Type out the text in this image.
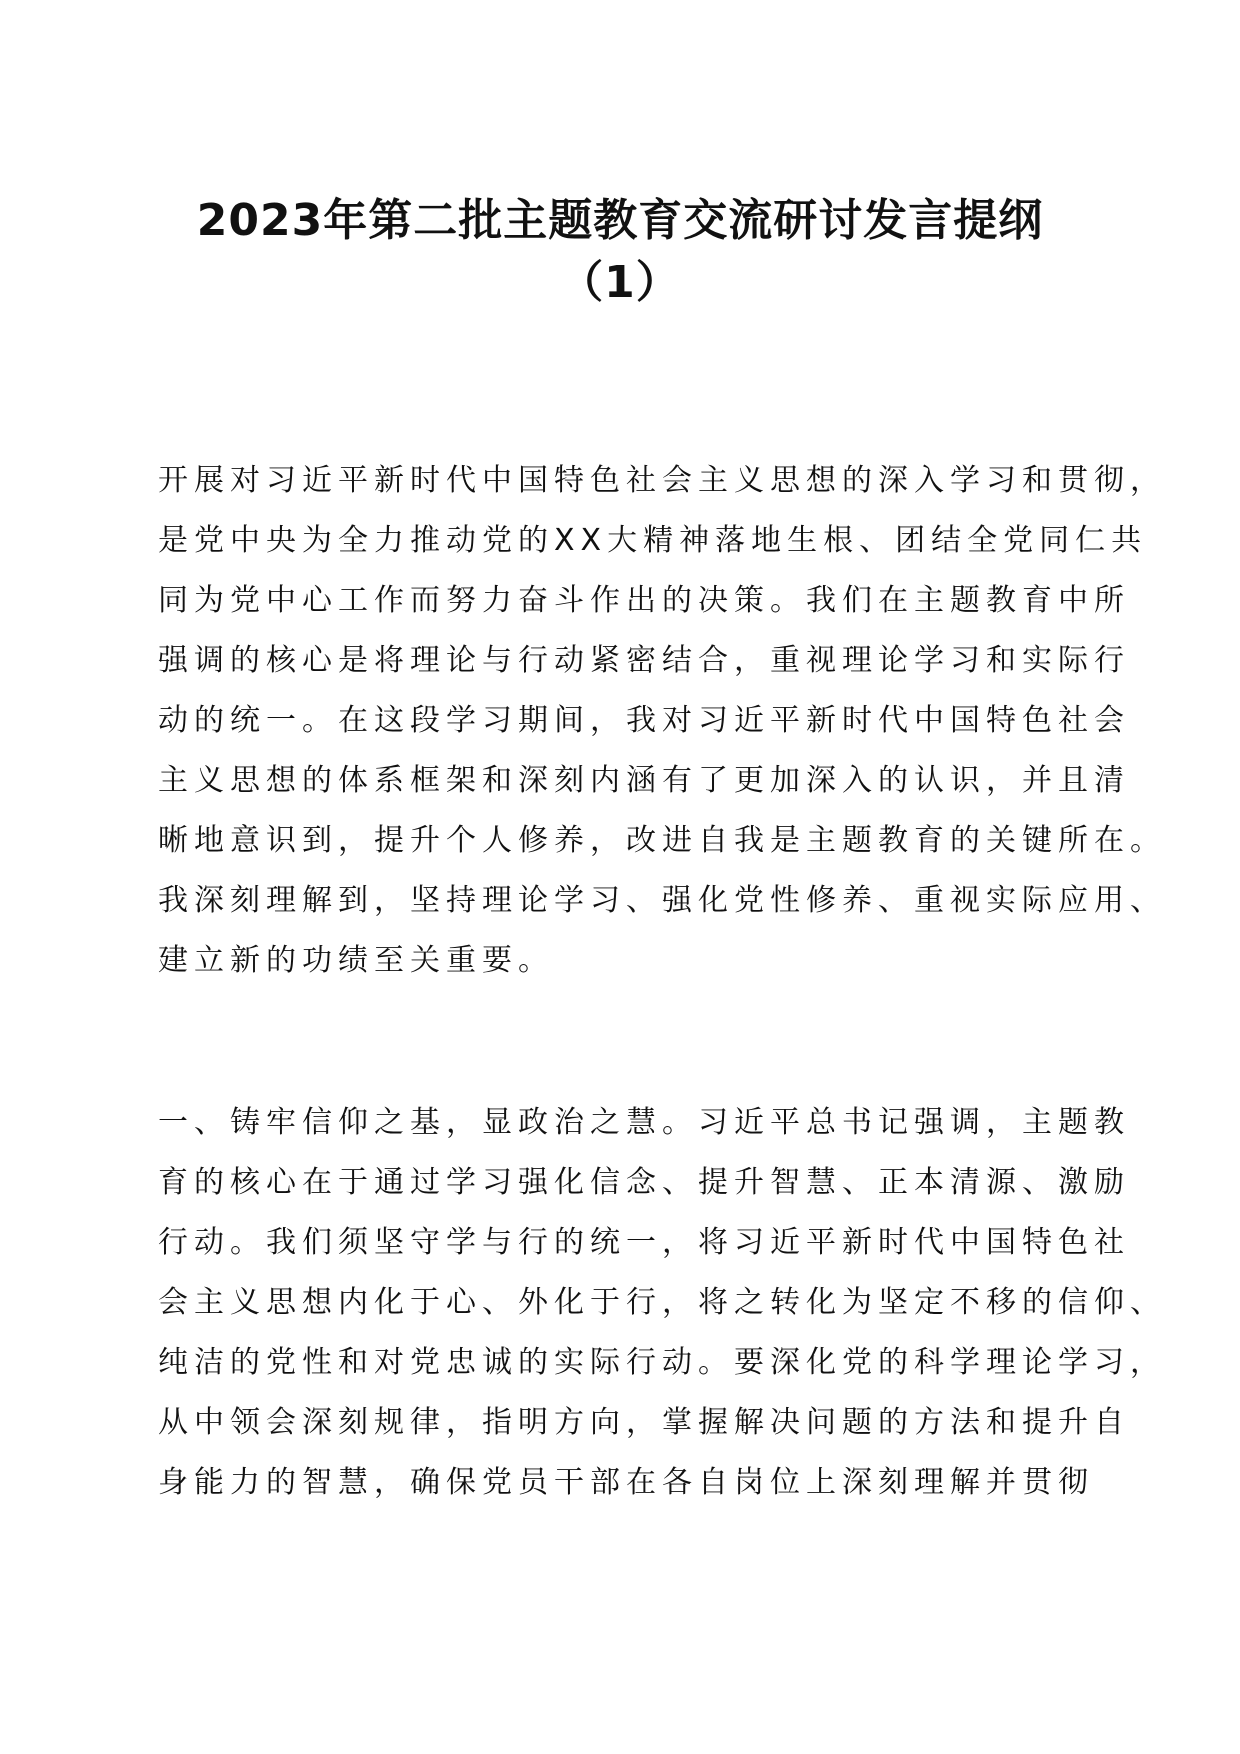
2023年第二批主题教育交流研讨发言提纲
（1）
开展对习近平新时代中国特色社会主义思想的深入学习和贯彻，
是党中央为全力推动党的XX大精神落地生根、团结全党同仁共
同为党中心工作而努力奋斗作出的决策。我们在主题教育中所
强调的核心是将理论与行动紧密结合，重视理论学习和实际行
动的统一。在这段学习期间，我对习近平新时代中国特色社会
主义思想的体系框架和深刻内涵有了更加深入的认识，并且清
晰地意识到，提升个人修养，改进自我是主题教育的关键所在。
我深刻理解到，坚持理论学习、强化党性修养、重视实际应用、
建立新的功绩至关重要。
一、铸牢信仰之基，显政治之慧。习近平总书记强调，主题教
育的核心在于通过学习强化信念、提升智慧、正本清源、激励
行动。我们须坚守学与行的统一，将习近平新时代中国特色社
会主义思想内化于心、外化于行，将之转化为坚定不移的信仰、
纯洁的党性和对党忠诚的实际行动。要深化党的科学理论学习，
从中领会深刻规律，指明方向，掌握解决问题的方法和提升自
身能力的智慧，确保党员干部在各自岗位上深刻理解并贯彻
